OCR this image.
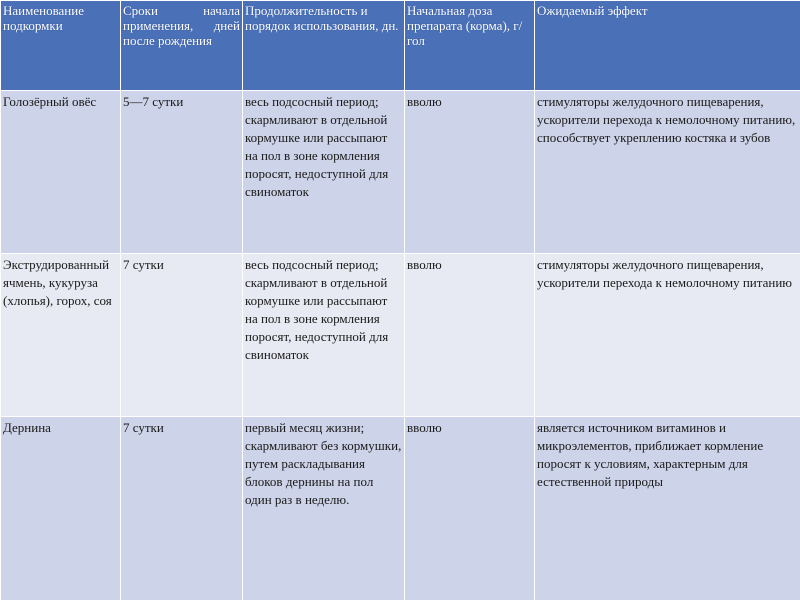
Наименование подкормки	Сроки начала применения, дней после рождения	Продолжительность и порядок использования, дн.	Начальная доза препарата (корма), г/гол	Ожидаемый эффект
Голозёрный овёс	5—7 сутки	весь подсосный период; скармливают в отдельной кормушке или рассыпают на пол в зоне кормления поросят, недоступной для свиноматок	вволю	стимуляторы желудочного пищеварения, ускорители перехода к немолочному питанию, способствует укреплению костяка и зубов
Экструдированный ячмень, кукуруза (хлопья), горох, соя	7 сутки	весь подсосный период; скармливают в отдельной кормушке или рассыпают на пол в зоне кормления поросят, недоступной для свиноматок	вволю	стимуляторы желудочного пищеварения, ускорители перехода к немолочному питанию
Дернина	7 сутки	первый месяц жизни; скармливают без кормушки, путем раскладывания блоков дернины на пол один раз в неделю.	вволю	является источником витаминов и микроэлементов, приближает кормление поросят к условиям, характерным для естественной природы
